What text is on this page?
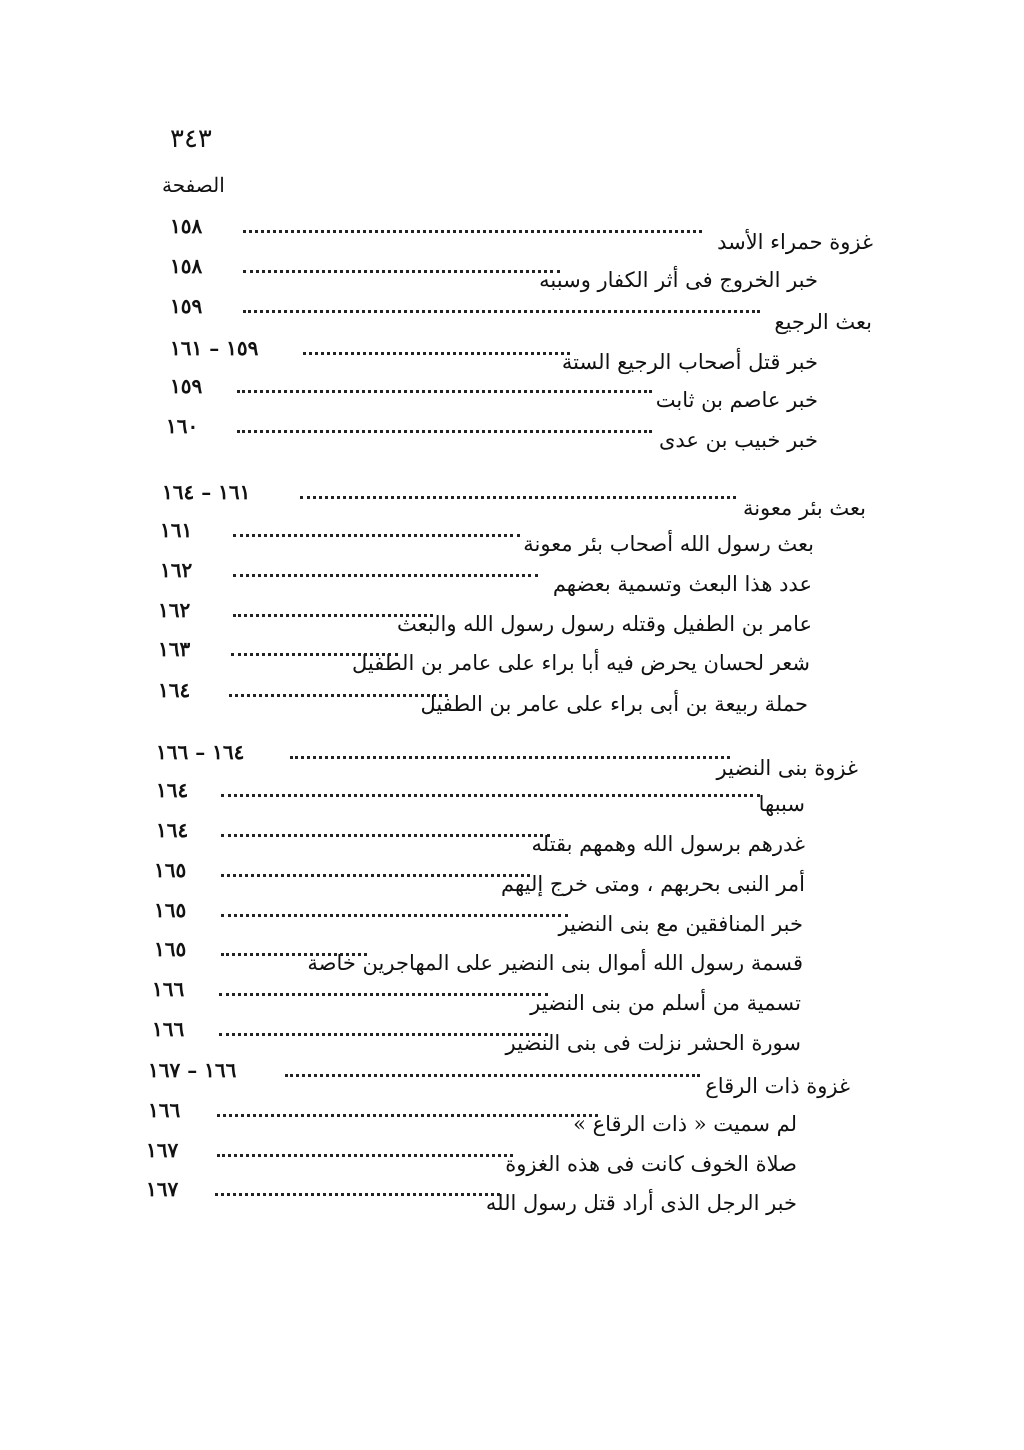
٣٤٣
الصفحة
غزوة حمراء الأسد
١٥٨
خبر الخروج فى أثر الكفار وسببه
١٥٨
بعث الرجيع
١٥٩
خبر قتل أصحاب الرجيع الستة
١٥٩ – ١٦١
خبر عاصم بن ثابت
١٥٩
خبر خبيب بن عدى
١٦٠
بعث بئر معونة
١٦١ – ١٦٤
بعث رسول الله أصحاب بئر معونة
١٦١
عدد هذا البعث وتسمية بعضهم
١٦٢
عامر بن الطفيل وقتله رسول رسول الله والبعث
١٦٢
شعر لحسان يحرض فيه أبا براء على عامر بن الطفيل
١٦٣
حملة ربيعة بن أبى براء على عامر بن الطفيل
١٦٤
غزوة بنى النضير
١٦٤ – ١٦٦
سببها
١٦٤
غدرهم برسول الله وهمهم بقتله
١٦٤
أمر النبى بحربهم ، ومتى خرج إليهم
١٦٥
خبر المنافقين مع بنى النضير
١٦٥
قسمة رسول الله أموال بنى النضير على المهاجرين خاصة
١٦٥
تسمية من أسلم من بنى النضير
١٦٦
سورة الحشر نزلت فى بنى النضير
١٦٦
غزوة ذات الرقاع
١٦٦ – ١٦٧
لم سميت « ذات الرقاع »
١٦٦
صلاة الخوف كانت فى هذه الغزوة
١٦٧
خبر الرجل الذى أراد قتل رسول الله
١٦٧
